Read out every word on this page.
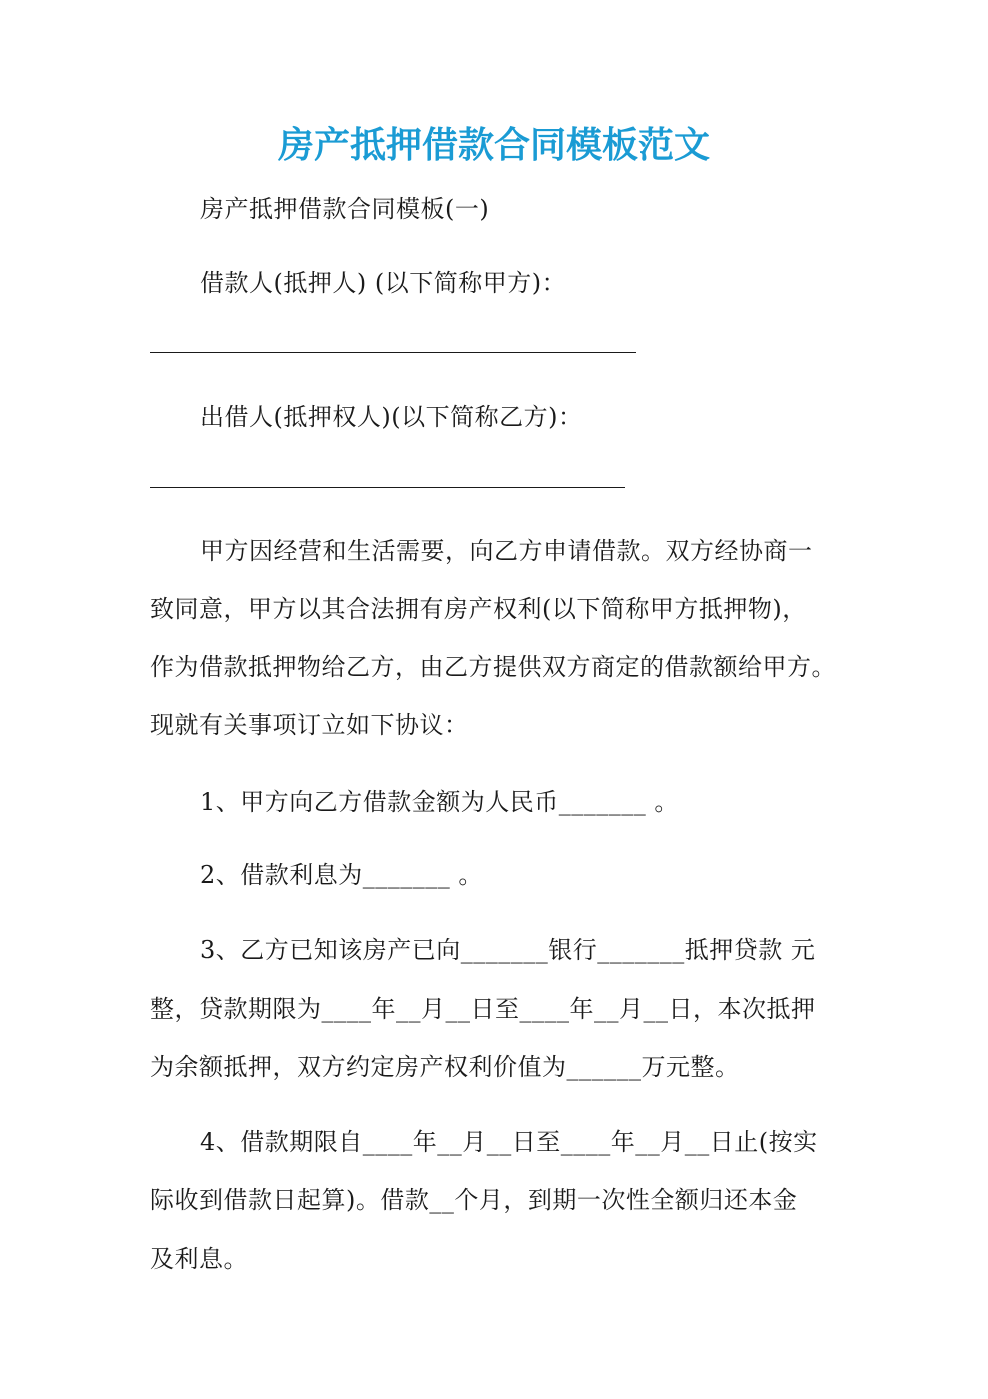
房产抵押借款合同模板范文
房产抵押借款合同模板(一)
借款人(抵押人) (以下简称甲方)：
出借人(抵押权人)(以下简称乙方)：
甲方因经营和生活需要，向乙方申请借款。双方经协商一
致同意，甲方以其合法拥有房产权利(以下简称甲方抵押物)，
作为借款抵押物给乙方，由乙方提供双方商定的借款额给甲方。
现就有关事项订立如下协议：
1、甲方向乙方借款金额为人民币_______ 。
2、借款利息为_______ 。
3、乙方已知该房产已向_______银行_______抵押贷款 元
整，贷款期限为____年__月__日至____年__月__日，本次抵押
为余额抵押，双方约定房产权利价值为______万元整。
4、借款期限自____年__月__日至____年__月__日止(按实
际收到借款日起算)。借款__个月，到期一次性全额归还本金
及利息。
